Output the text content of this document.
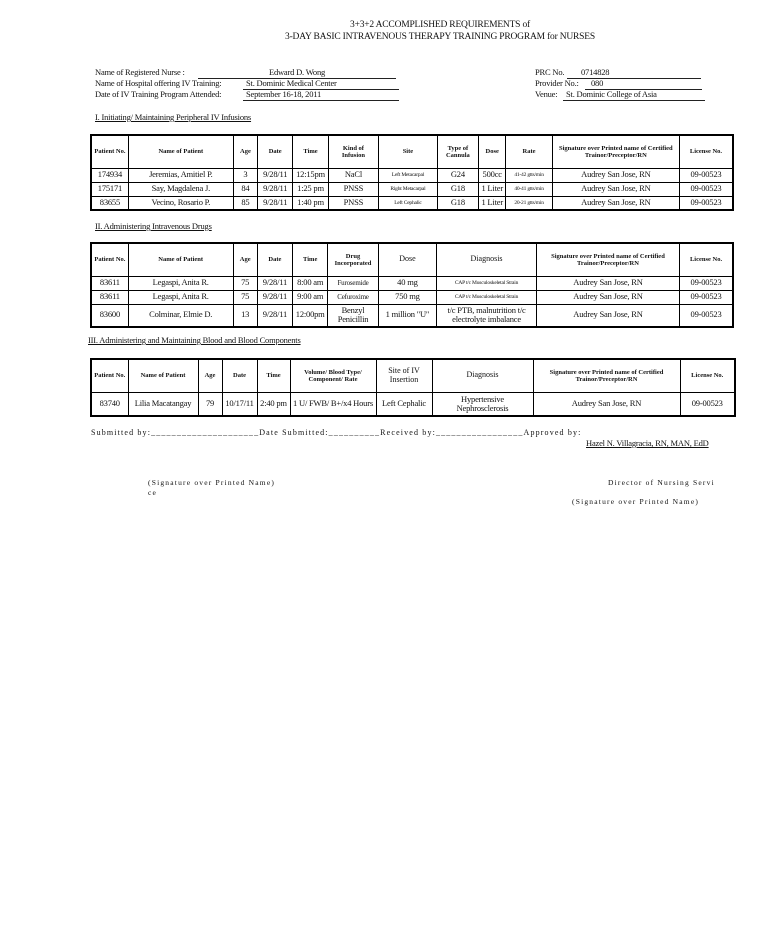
3+3+2 ACCOMPLISHED REQUIREMENTS of
3-DAY BASIC INTRAVENOUS THERAPY TRAINING PROGRAM for NURSES
Name of Registered Nurse :	Edward D. Wong
Name of Hospital offering IV Training:	St. Dominic Medical Center
Date of IV Training Program Attended:	September 16-18, 2011
PRC No.	0714828
Provider No.:	080
Venue:	St. Dominic College of Asia
I. Initiating/ Maintaining Peripheral IV Infusions
Patient No.	Name of Patient	Age	Date	Time	Kind of Infusion	Site	Type of Cannula	Dose	Rate	Signature over Printed name of Certified Trainor/Preceptor/RN	License No.
174934	Jeremias, Amitiel P.	3	9/28/11	12:15pm	NaCl	Left Metacarpal	G24	500cc	41-42 gtts/min	Audrey San Jose, RN	09-00523
175171	Say, Magdalena J.	84	9/28/11	1:25 pm	PNSS	Right Metacarpal	G18	1 Liter	40-41 gtts/min	Audrey San Jose, RN	09-00523
83655	Vecino, Rosario P.	85	9/28/11	1:40 pm	PNSS	Left Cephalic	G18	1 Liter	20-21 gtts/min	Audrey San Jose, RN	09-00523
II. Administering Intravenous Drugs
Patient No.	Name of Patient	Age	Date	Time	Drug Incorporated	Dose	Diagnosis	Signature over Printed name of Certified Trainor/Preceptor/RN	License No.
83611	Legaspi, Anita R.	75	9/28/11	8:00 am	Furosemide	40 mg	CAP t/c Musculoskeletal Strain	Audrey San Jose, RN	09-00523
83611	Legaspi, Anita R.	75	9/28/11	9:00 am	Cefuroxime	750 mg	CAP t/c Musculoskeletal Strain	Audrey San Jose, RN	09-00523
83600	Colminar, Elmie D.	13	9/28/11	12:00pm	Benzyl Penicillin	1 million "U"	t/c PTB, malnutrition t/c electrolyte imbalance	Audrey San Jose, RN	09-00523
III. Administering and Maintaining Blood and Blood Components
Patient No.	Name of Patient	Age	Date	Time	Volume/ Blood Type/ Component/ Rate	Site of IV Insertion	Diagnosis	Signature over Printed name of Certified Trainor/Preceptor/RN	License No.
83740	Lilia Macatangay	79	10/17/11	2:40 pm	1 U/ FWB/ B+/x4 Hours	Left Cephalic	Hypertensive Nephrosclerosis	Audrey San Jose, RN	09-00523
Submitted by:_____________________Date Submitted:__________Received by:_________________Approved by:
Hazel N. Villagracia, RN, MAN, EdD
(Signature over Printed Name)
ce
Director of Nursing Servi
(Signature over Printed Name)
